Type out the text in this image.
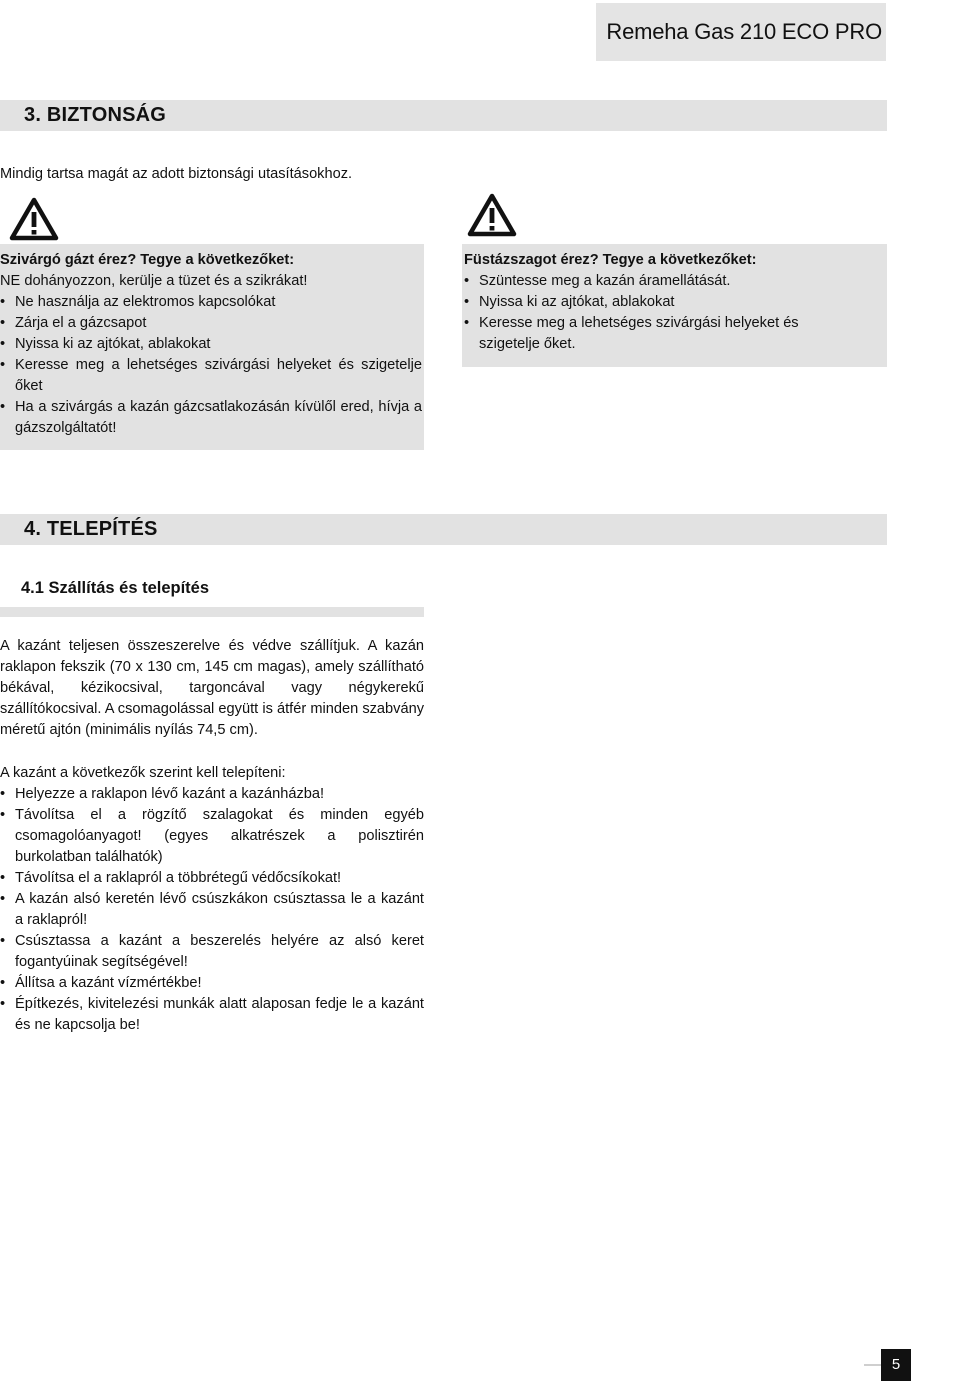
Remeha Gas 210 ECO PRO
3. BIZTONSÁG
Mindig tartsa magát az adott biztonsági utasításokhoz.
Szivárgó gázt érez? Tegye a következőket:
NE dohányozzon, kerülje a tüzet és a szikrákat!
• Ne használja az elektromos kapcsolókat
• Zárja el a gázcsapot
• Nyissa ki az ajtókat, ablakokat
• Keresse meg a lehetséges szivárgási helyeket és szigetelje őket
• Ha a szivárgás a kazán gázcsatlakozásán kívülől ered, hívja a gázszolgáltatót!
Füstázszagot érez? Tegye a következőket:
• Szüntesse meg a kazán áramellátását.
• Nyissa ki az ajtókat, ablakokat
• Keresse meg a lehetséges szivárgási helyeket és szigetelje őket.
4. TELEPÍTÉS
4.1 Szállítás és telepítés
A kazánt teljesen összeszerelve és védve szállítjuk. A kazán raklapon fekszik (70 x 130 cm, 145 cm magas), amely szállítható békával, kézikocsival, targoncával vagy négykerekű szállítókocsival. A csomagolással együtt is átfér minden szabvány méretű ajtón (minimális nyílás 74,5 cm).
A kazánt a következők szerint kell telepíteni:
• Helyezze a raklapon lévő kazánt a kazánházba!
• Távolítsa el a rögzítő szalagokat és minden egyéb csomagolóanyagot! (egyes alkatrészek a polisztirén burkolatban találhatók)
• Távolítsa el a raklapról a többrétegű védőcsíkokat!
• A kazán alsó keretén lévő csúszkákon csúsztassa le a kazánt a raklapról!
• Csúsztassa a kazánt a beszerelés helyére az alsó keret fogantyúinak segítségével!
• Állítsa a kazánt vízmértékbe!
• Építkezés, kivitelezési munkák alatt alaposan fedje le a kazánt és ne kapcsolja be!
5
